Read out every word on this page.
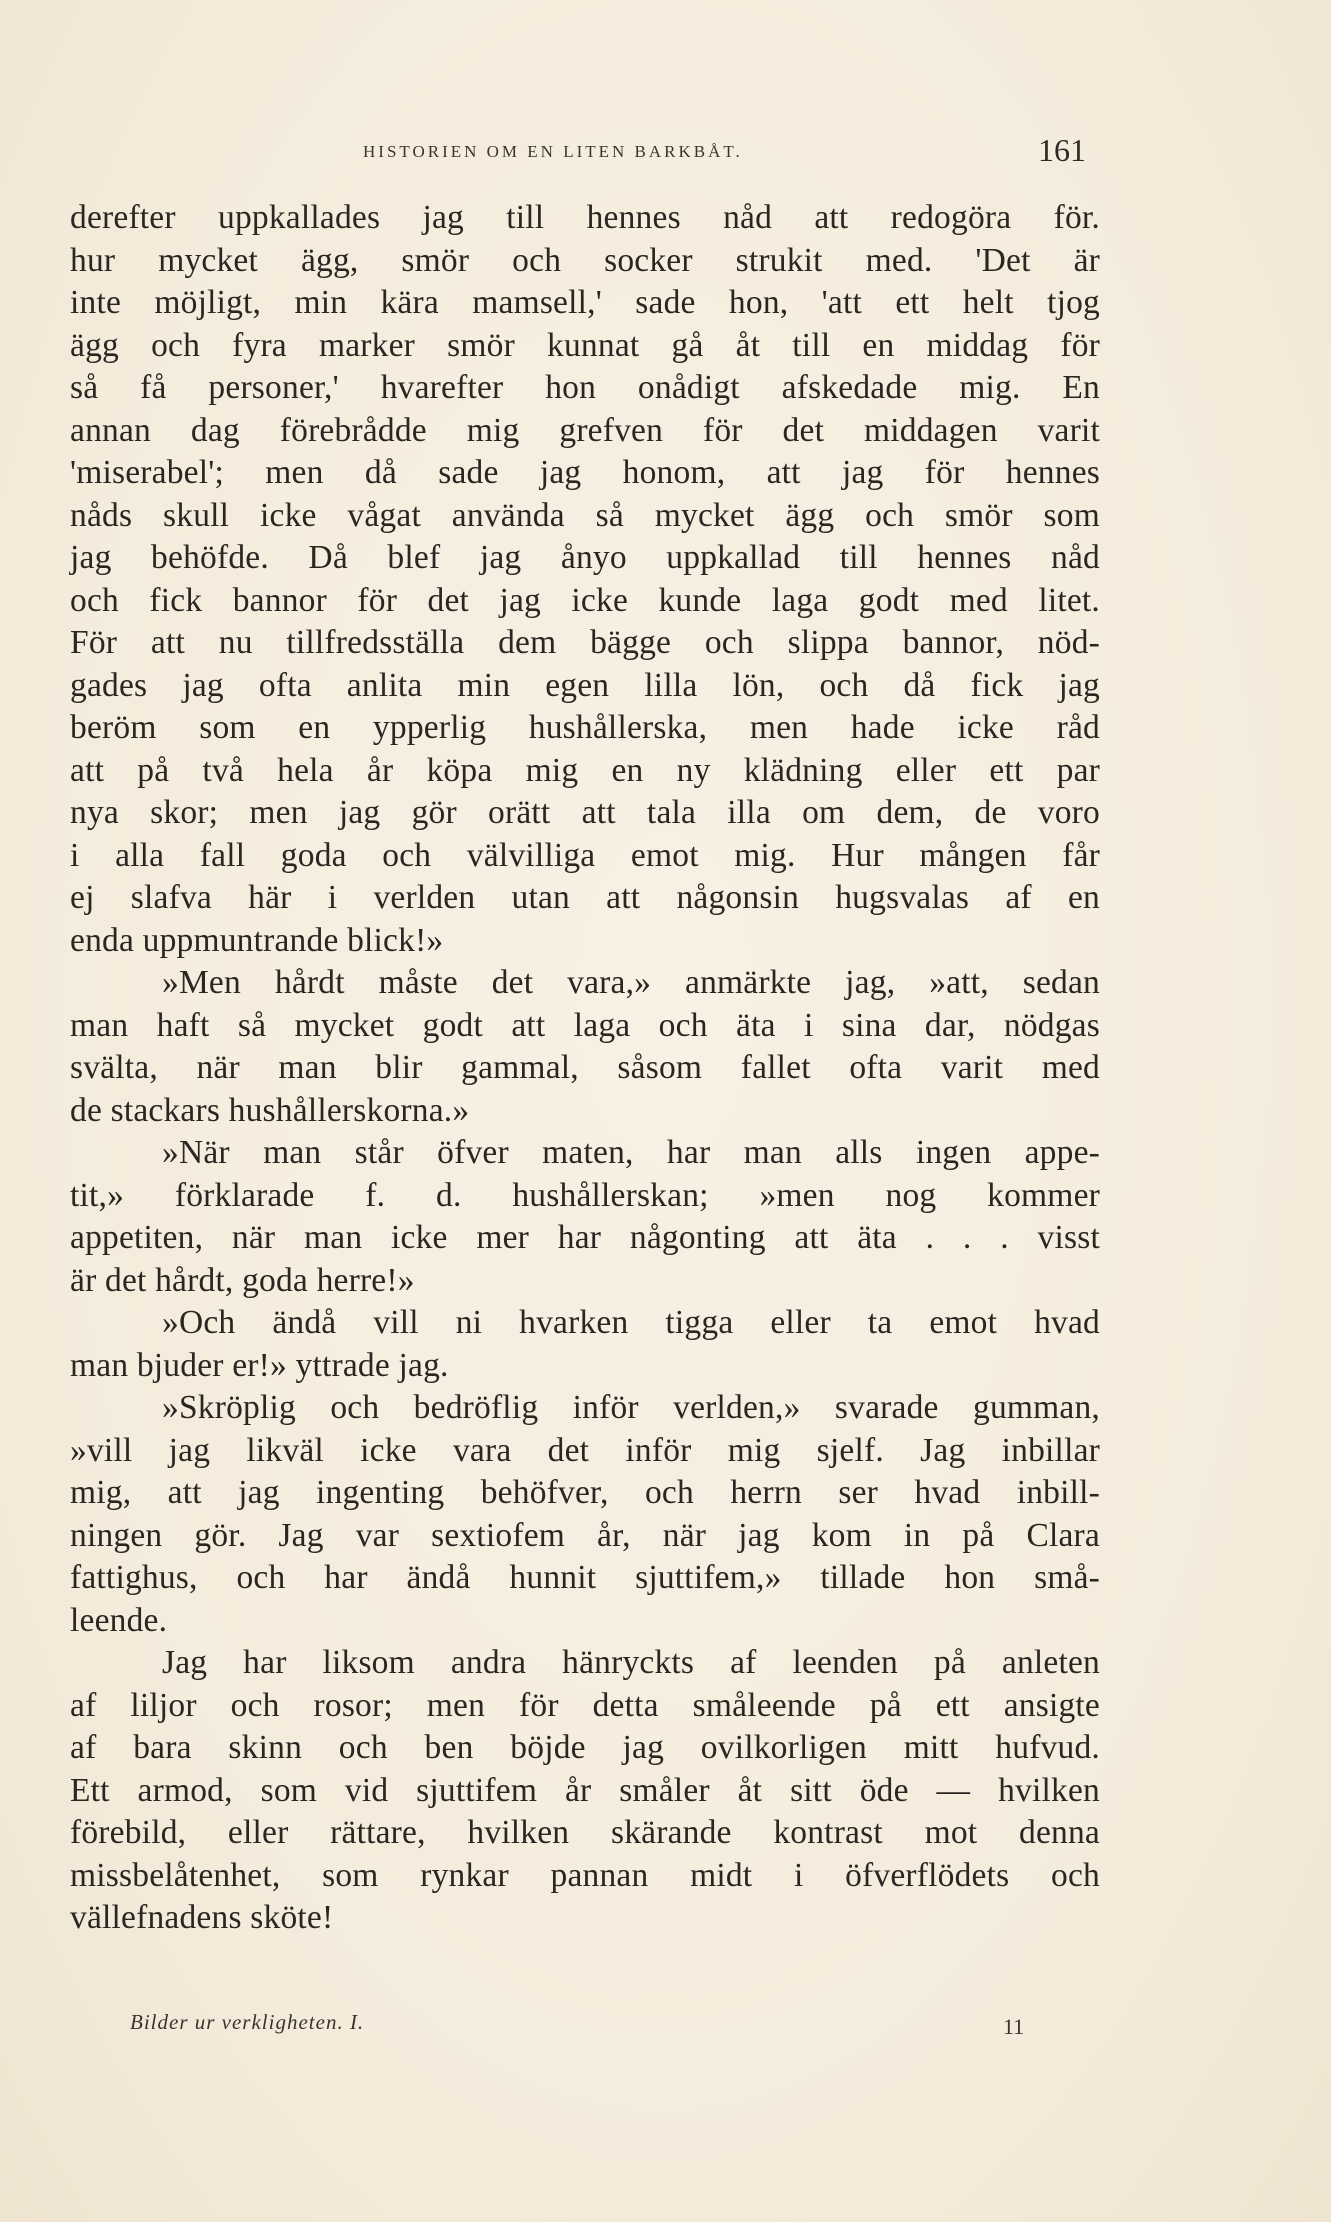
HISTORIEN OM EN LITEN BARKBÅT.	161
derefter uppkallades jag till hennes nåd att redogöra för.
hur mycket ägg, smör och socker strukit med. 'Det är
inte möjligt, min kära mamsell,' sade hon, 'att ett helt tjog
ägg och fyra marker smör kunnat gå åt till en middag för
så få personer,' hvarefter hon onådigt afskedade mig. En
annan dag förebrådde mig grefven för det middagen varit
'miserabel'; men då sade jag honom, att jag för hennes
nåds skull icke vågat använda så mycket ägg och smör som
jag behöfde. Då blef jag ånyo uppkallad till hennes nåd
och fick bannor för det jag icke kunde laga godt med litet.
För att nu tillfredsställa dem bägge och slippa bannor, nöd-
gades jag ofta anlita min egen lilla lön, och då fick jag
beröm som en ypperlig hushållerska, men hade icke råd
att på två hela år köpa mig en ny klädning eller ett par
nya skor; men jag gör orätt att tala illa om dem, de voro
i alla fall goda och välvilliga emot mig. Hur mången får
ej slafva här i verlden utan att någonsin hugsvalas af en
enda uppmuntrande blick!»
»Men hårdt måste det vara,» anmärkte jag, »att, sedan
man haft så mycket godt att laga och äta i sina dar, nödgas
svälta, när man blir gammal, såsom fallet ofta varit med
de stackars hushållerskorna.»
»När man står öfver maten, har man alls ingen appe-
tit,» förklarade f. d. hushållerskan; »men nog kommer
appetiten, när man icke mer har någonting att äta . . . visst
är det hårdt, goda herre!»
»Och ändå vill ni hvarken tigga eller ta emot hvad
man bjuder er!» yttrade jag.
»Skröplig och bedröflig inför verlden,» svarade gumman,
»vill jag likväl icke vara det inför mig sjelf. Jag inbillar
mig, att jag ingenting behöfver, och herrn ser hvad inbill-
ningen gör. Jag var sextiofem år, när jag kom in på Clara
fattighus, och har ändå hunnit sjuttifem,» tillade hon små-
leende.
Jag har liksom andra hänryckts af leenden på anleten
af liljor och rosor; men för detta småleende på ett ansigte
af bara skinn och ben böjde jag ovilkorligen mitt hufvud.
Ett armod, som vid sjuttifem år småler åt sitt öde — hvilken
förebild, eller rättare, hvilken skärande kontrast mot denna
missbelåtenhet, som rynkar pannan midt i öfverflödets och
vällefnadens sköte!
Bilder ur verkligheten. I.	11
